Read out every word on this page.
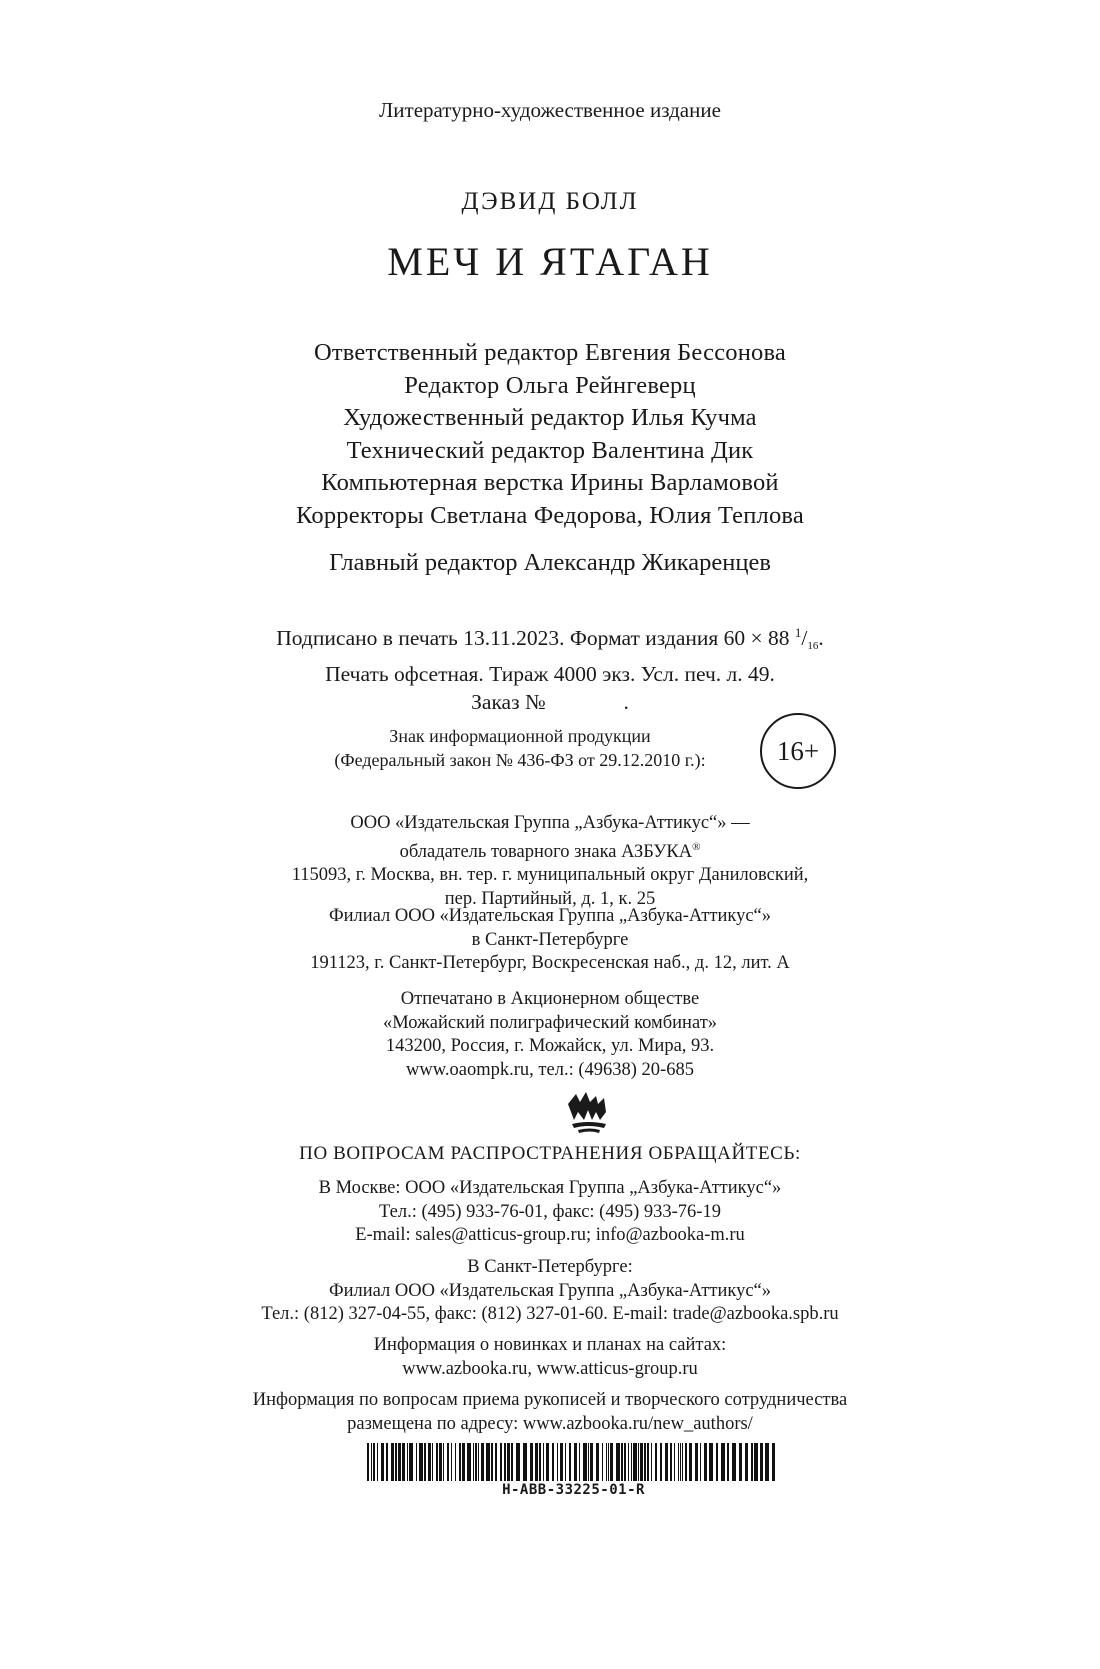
Литературно-художественное издание
ДЭВИД БОЛЛ
МЕЧ И ЯТАГАН
Ответственный редактор Евгения Бессонова
Редактор Ольга Рейнгеверц
Художественный редактор Илья Кучма
Технический редактор Валентина Дик
Компьютерная верстка Ирины Варламовой
Корректоры Светлана Федорова, Юлия Теплова
Главный редактор Александр Жикаренцев
Подписано в печать 13.11.2023. Формат издания 60 × 88 $^1/_{16}$.
Печать офсетная. Тираж 4000 экз. Усл. печ. л. 49.
Заказ №	.
Знак информационной продукции
(Федеральный закон № 436-ФЗ от 29.12.2010 г.):	16+
ООО «Издательская Группа „Азбука-Аттикус“» —
обладатель товарного знака АЗБУКА®
115093, г. Москва, вн. тер. г. муниципальный округ Даниловский,
пер. Партийный, д. 1, к. 25
Филиал ООО «Издательская Группа „Азбука-Аттикус“»
в Санкт-Петербурге
191123, г. Санкт-Петербург, Воскресенская наб., д. 12, лит. А
Отпечатано в Акционерном обществе
«Можайский полиграфический комбинат»
143200, Россия, г. Можайск, ул. Мира, 93.
www.oaompk.ru, тел.: (49638) 20-685
ПО ВОПРОСАМ РАСПРОСТРАНЕНИЯ ОБРАЩАЙТЕСЬ:
В Москве: ООО «Издательская Группа „Азбука-Аттикус“»
Тел.: (495) 933-76-01, факс: (495) 933-76-19
E-mail: sales@atticus-group.ru; info@azbooka-m.ru
В Санкт-Петербурге:
Филиал ООО «Издательская Группа „Азбука-Аттикус“»
Тел.: (812) 327-04-55, факс: (812) 327-01-60. E-mail: trade@azbooka.spb.ru
Информация о новинках и планах на сайтах:
www.azbooka.ru, www.atticus-group.ru
Информация по вопросам приема рукописей и творческого сотрудничества
размещена по адресу: www.azbooka.ru/new_authors/
H-ABB-33225-01-R
